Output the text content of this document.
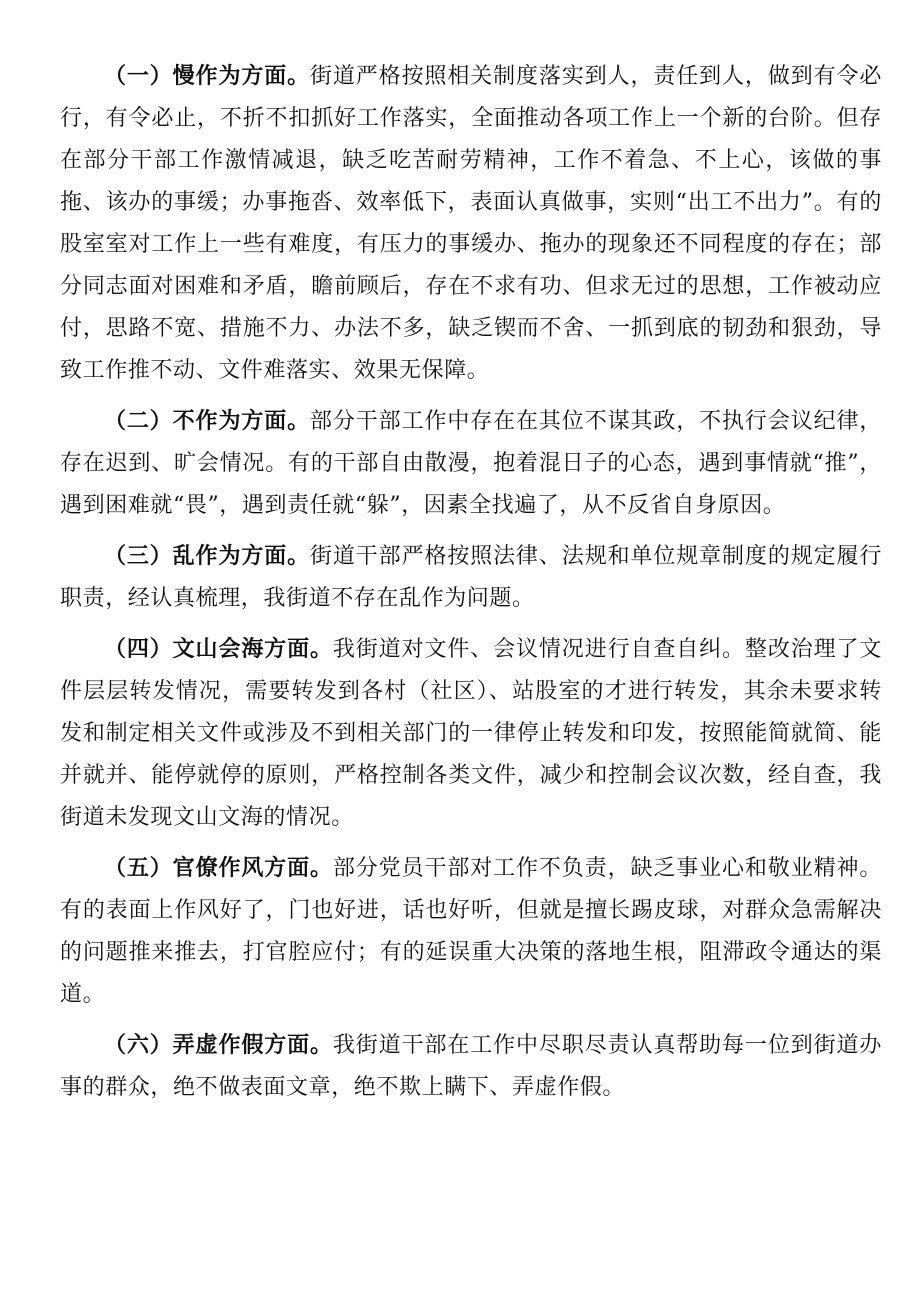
（一）慢作为方面。街道严格按照相关制度落实到人，责任到人，做到有令必行，有令必止，不折不扣抓好工作落实，全面推动各项工作上一个新的台阶。但存在部分干部工作激情减退，缺乏吃苦耐劳精神，工作不着急、不上心，该做的事拖、该办的事缓；办事拖沓、效率低下，表面认真做事，实则“出工不出力”。有的股室室对工作上一些有难度，有压力的事缓办、拖办的现象还不同程度的存在；部分同志面对困难和矛盾，瞻前顾后，存在不求有功、但求无过的思想，工作被动应付，思路不宽、措施不力、办法不多，缺乏锲而不舍、一抓到底的韧劲和狠劲，导致工作推不动、文件难落实、效果无保障。

（二）不作为方面。部分干部工作中存在在其位不谋其政，不执行会议纪律，存在迟到、旷会情况。有的干部自由散漫，抱着混日子的心态，遇到事情就“推”，遇到困难就“畏”，遇到责任就“躲”，因素全找遍了，从不反省自身原因。

（三）乱作为方面。街道干部严格按照法律、法规和单位规章制度的规定履行职责，经认真梳理，我街道不存在乱作为问题。

（四）文山会海方面。我街道对文件、会议情况进行自查自纠。整改治理了文件层层转发情况，需要转发到各村（社区）、站股室的才进行转发，其余未要求转发和制定相关文件或涉及不到相关部门的一律停止转发和印发，按照能简就简、能并就并、能停就停的原则，严格控制各类文件，减少和控制会议次数，经自查，我街道未发现文山文海的情况。

（五）官僚作风方面。部分党员干部对工作不负责，缺乏事业心和敬业精神。有的表面上作风好了，门也好进，话也好听，但就是擅长踢皮球，对群众急需解决的问题推来推去，打官腔应付；有的延误重大决策的落地生根，阻滞政令通达的渠道。

（六）弄虚作假方面。我街道干部在工作中尽职尽责认真帮助每一位到街道办事的群众，绝不做表面文章，绝不欺上瞒下、弄虚作假。
